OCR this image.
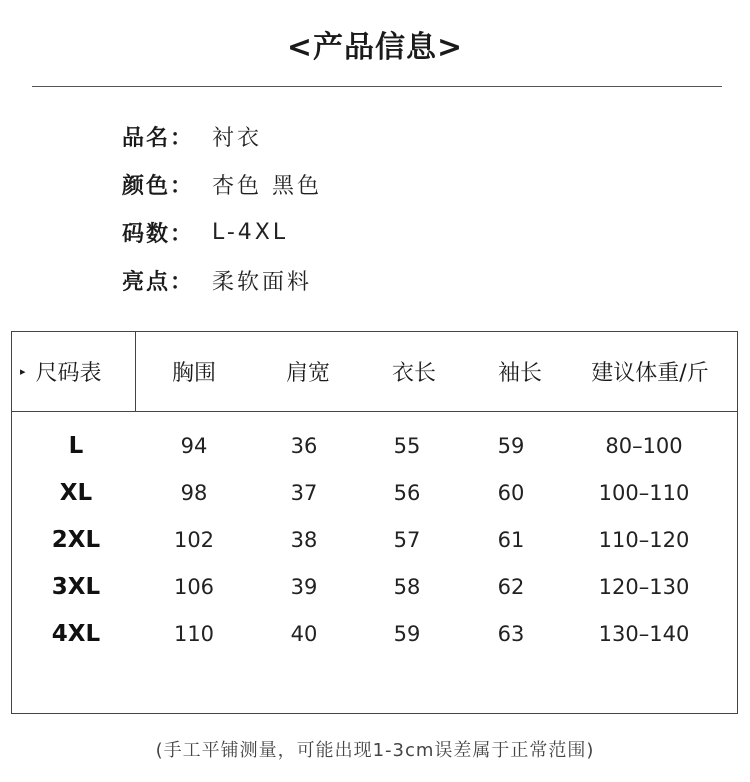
<产品信息>
品名： 衬衣
颜色： 杏色 黑色
码数： L-4XL
亮点： 柔软面料
▸ 尺码表	胸围	肩宽	衣长	袖长 建议体重/斤
L	94	36	55	59	80–100
XL	98	37	56	60	100–110
2XL	102	38	57	61	110–120
3XL	106	39	58	62	120–130
4XL	110	40	59	63	130–140
(手工平铺测量，可能出现1-3cm误差属于正常范围)
